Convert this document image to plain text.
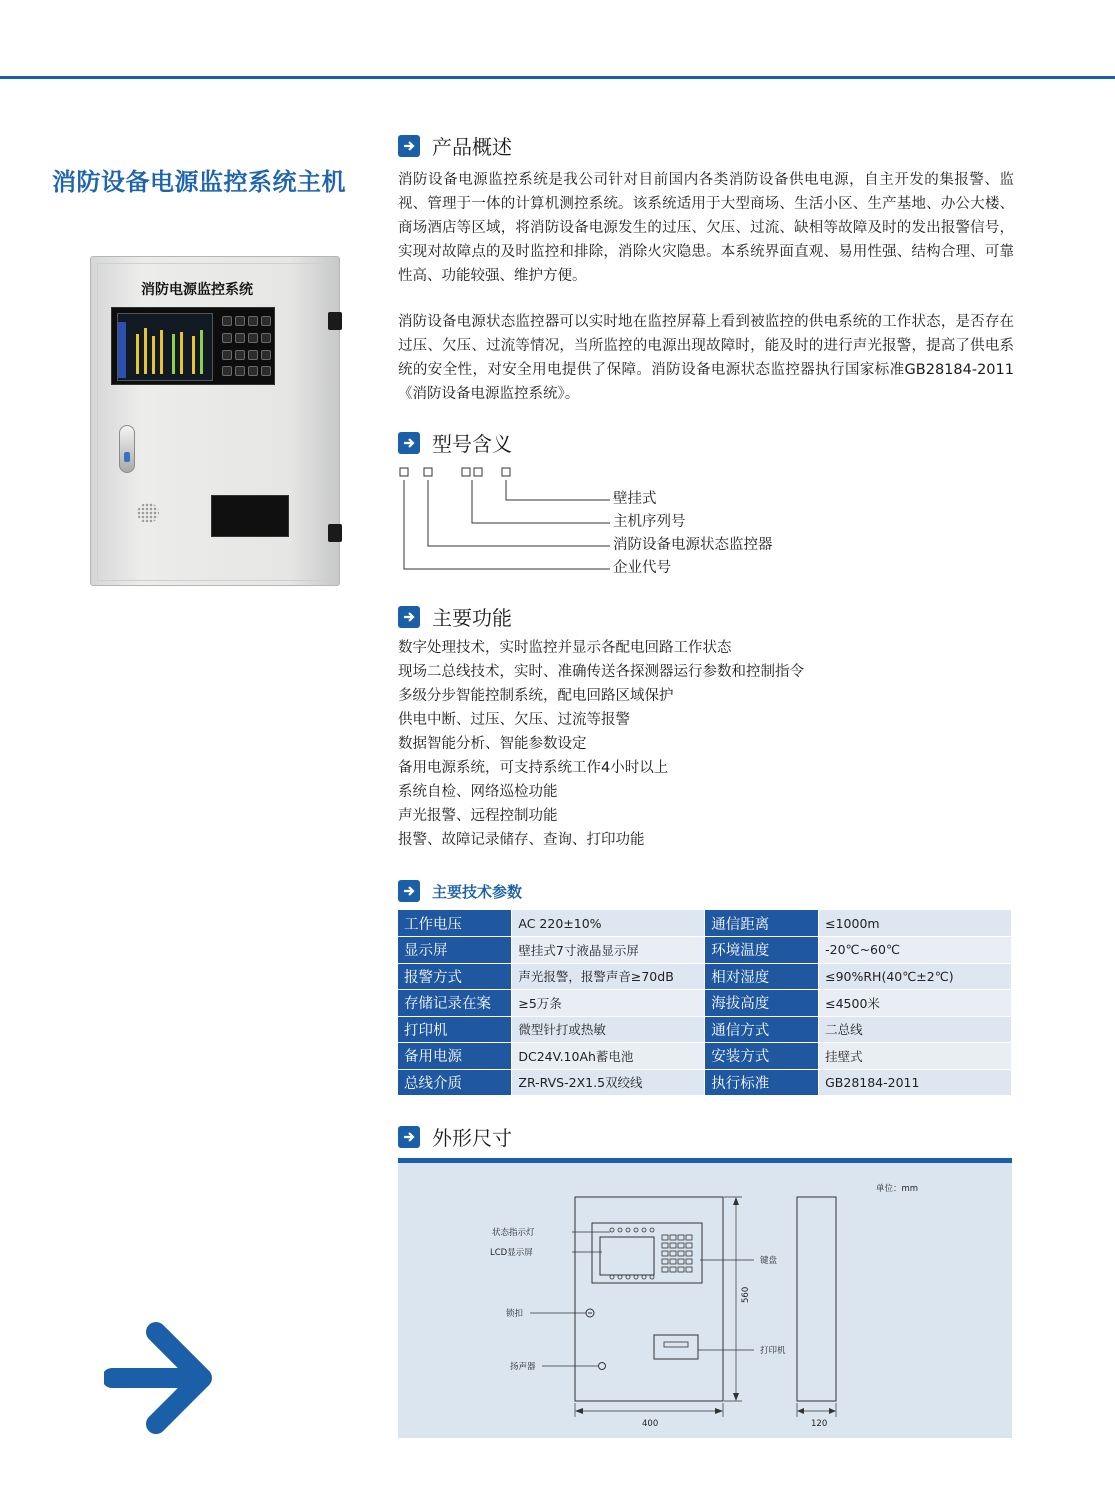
消防设备电源监控系统主机
消防电源监控系统
产品概述

消防设备电源监控系统是我公司针对目前国内各类消防设备供电电源，自主开发的集报警、监视、管理于一体的计算机测控系统。该系统适用于大型商场、生活小区、生产基地、办公大楼、商场酒店等区域，将消防设备电源发生的过压、欠压、过流、缺相等故障及时的发出报警信号，实现对故障点的及时监控和排除，消除火灾隐患。本系统界面直观、易用性强、结构合理、可靠性高、功能较强、维护方便。

消防设备电源状态监控器可以实时地在监控屏幕上看到被监控的供电系统的工作状态，是否存在过压、欠压、过流等情况，当所监控的电源出现故障时，能及时的进行声光报警，提高了供电系统的安全性，对安全用电提供了保障。消防设备电源状态监控器执行国家标准GB28184-2011《消防设备电源监控系统》。

型号含义
壁挂式
主机序列号
消防设备电源状态监控器
企业代号
主要功能
数字处理技术，实时监控并显示各配电回路工作状态
现场二总线技术，实时、准确传送各探测器运行参数和控制指令
多级分步智能控制系统，配电回路区域保护
供电中断、过压、欠压、过流等报警
数据智能分析、智能参数设定
备用电源系统，可支持系统工作4小时以上
系统自检、网络巡检功能
声光报警、远程控制功能
报警、故障记录储存、查询、打印功能
主要技术参数
工作电压	AC 220±10%	通信距离	≤1000m
显示屏	壁挂式7寸液晶显示屏	环境温度	-20℃~60℃
报警方式	声光报警，报警声音≥70dB	相对湿度	≤90%RH(40℃±2℃)
存储记录在案	≥5万条	海拔高度	≤4500米
打印机	微型针打或热敏	通信方式	二总线
备用电源	DC24V.10Ah蓄电池	安装方式	挂壁式
总线介质	ZR-RVS-2X1.5双绞线	执行标准	GB28184-2011
外形尺寸
状态指示灯
LCD显示屏
键盘
锁扣
打印机
扬声器
560
400	120
单位：mm
